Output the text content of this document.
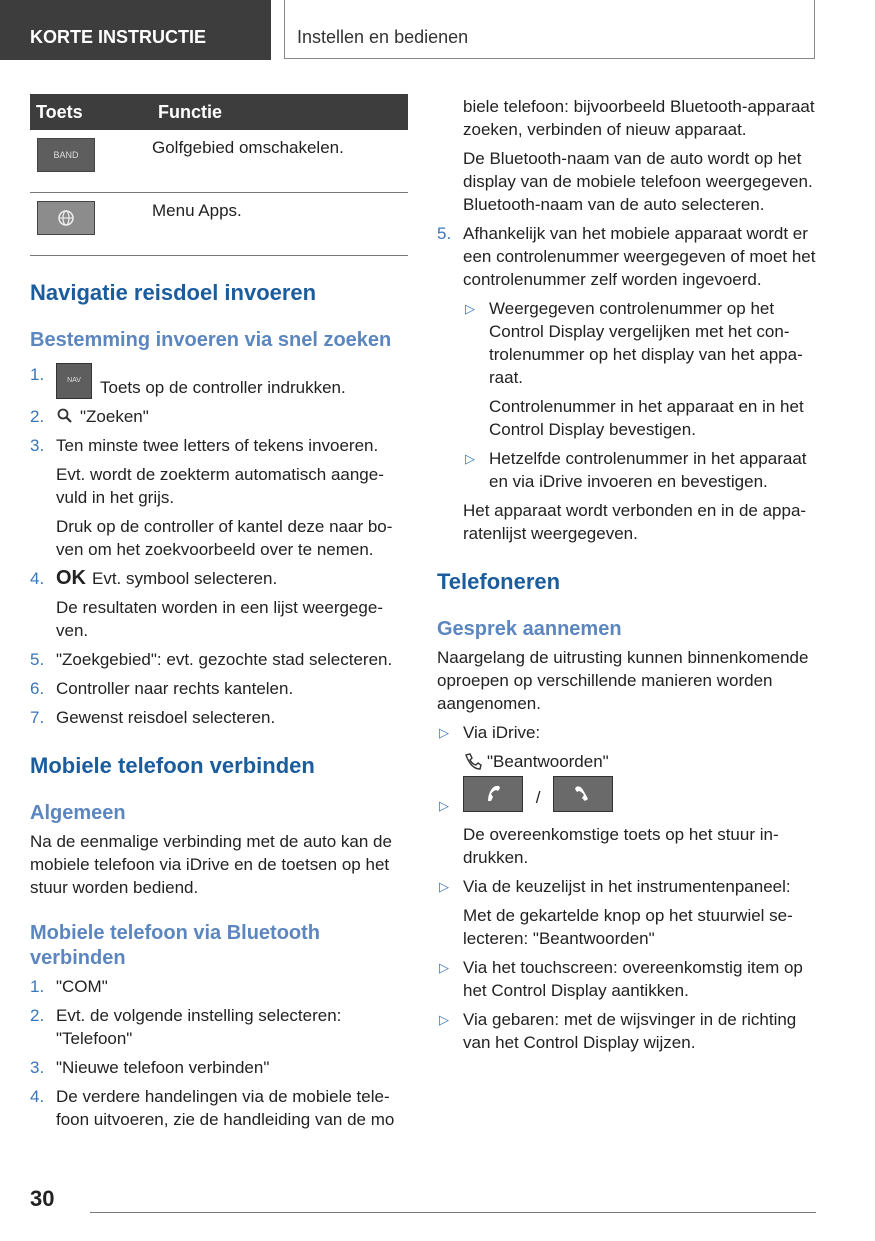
KORTE INSTRUCTIE	Instellen en bedienen
Toets	Functie

BAND	Golfgebied omschakelen.

	Menu Apps.
Navigatie reisdoel invoeren
Bestemming invoeren via snel zoeken
1.	NAV Toets op de controller indrukken.
2. "Zoeken"
3. Ten minste twee letters of tekens invoeren.
Evt. wordt de zoekterm automatisch aangevuld in het grijs.
Druk op de controller of kantel deze naar boven om het zoekvoorbeeld over te nemen.
4. OK Evt. symbool selecteren.
De resultaten worden in een lijst weergegeven.
5. "Zoekgebied": evt. gezochte stad selecteren.
6. Controller naar rechts kantelen.
7. Gewenst reisdoel selecteren.
Mobiele telefoon verbinden
Algemeen

Na de eenmalige verbinding met de auto kan de mobiele telefoon via iDrive en de toetsen op het stuur worden bediend.

Mobiele telefoon via Bluetooth verbinden
1. "COM"
2. Evt. de volgende instelling selecteren: "Telefoon"
3. "Nieuwe telefoon verbinden"
4. De verdere handelingen via de mobiele telefoon uitvoeren, zie de handleiding van de mo
biele telefoon: bijvoorbeeld Bluetooth-apparaat zoeken, verbinden of nieuw apparaat.
De Bluetooth-naam van de auto wordt op het display van de mobiele telefoon weergegeven. Bluetooth-naam van de auto selecteren.
5. Afhankelijk van het mobiele apparaat wordt er een controlenummer weergegeven of moet het controlenummer zelf worden ingevoerd.
▷ Weergegeven controlenummer op het Control Display vergelijken met het controlenummer op het display van het apparaat.
Controlenummer in het apparaat en in het Control Display bevestigen.
▷ Hetzelfde controlenummer in het apparaat en via iDrive invoeren en bevestigen.
Het apparaat wordt verbonden en in de apparatenlijst weergegeven.
Telefoneren
Gesprek aannemen

Naargelang de uitrusting kunnen binnenkomende oproepen op verschillende manieren worden aangenomen.

▷ Via iDrive:
"Beantwoorden"
▷	/
De overeenkomstige toets op het stuur indrukken.
▷ Via de keuzelijst in het instrumentenpaneel:
Met de gekartelde knop op het stuurwiel selecteren: "Beantwoorden"
▷ Via het touchscreen: overeenkomstig item op het Control Display aantikken.
▷ Via gebaren: met de wijsvinger in de richting van het Control Display wijzen.
30
